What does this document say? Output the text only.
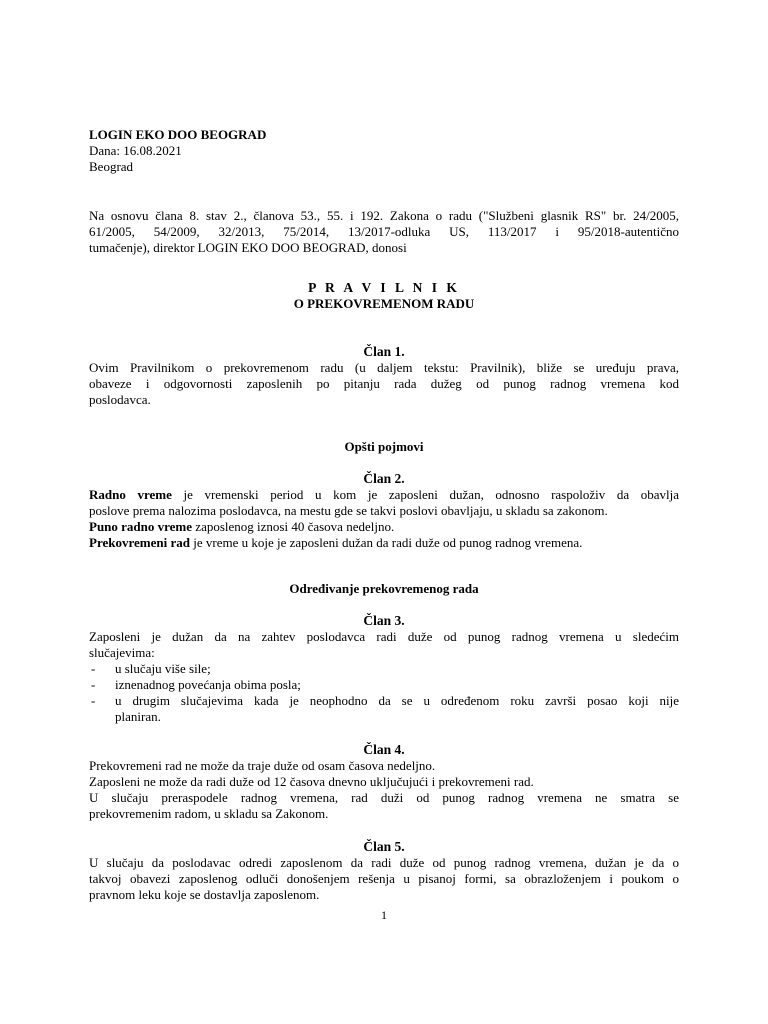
LOGIN EKO DOO BEOGRAD
Dana: 16.08.2021
Beograd
Na osnovu člana 8. stav 2., članova 53., 55. i 192. Zakona o radu ("Službeni glasnik RS" br. 24/2005,
61/2005, 54/2009, 32/2013, 75/2014, 13/2017-odluka US, 113/2017 i 95/2018-autentično
tumačenje), direktor LOGIN EKO DOO BEOGRAD, donosi
P R A V I L N I K
O PREKOVREMENOM RADU
Član 1.
Ovim Pravilnikom o prekovremenom radu (u daljem tekstu: Pravilnik), bliže se uređuju prava,
obaveze i odgovornosti zaposlenih po pitanju rada dužeg od punog radnog vremena kod
poslodavca.
Opšti pojmovi
Član 2.
Radno vreme je vremenski period u kom je zaposleni dužan, odnosno raspoloživ da obavlja
poslove prema nalozima poslodavca, na mestu gde se takvi poslovi obavljaju, u skladu sa zakonom.
Puno radno vreme zaposlenog iznosi 40 časova nedeljno.
Prekovremeni rad je vreme u koje je zaposleni dužan da radi duže od punog radnog vremena.
Određivanje prekovremenog rada
Član 3.
Zaposleni je dužan da na zahtev poslodavca radi duže od punog radnog vremena u sledećim
slučajevima:
- u slučaju više sile;
- iznenadnog povećanja obima posla;
- u drugim slučajevima kada je neophodno da se u određenom roku završi posao koji nije
planiran.
Član 4.
Prekovremeni rad ne može da traje duže od osam časova nedeljno.
Zaposleni ne može da radi duže od 12 časova dnevno uključujući i prekovremeni rad.
U slučaju preraspodele radnog vremena, rad duži od punog radnog vremena ne smatra se
prekovremenim radom, u skladu sa Zakonom.
Član 5.
U slučaju da poslodavac odredi zaposlenom da radi duže od punog radnog vremena, dužan je da o
takvoj obavezi zaposlenog odluči donošenjem rešenja u pisanoj formi, sa obrazloženjem i poukom o
pravnom leku koje se dostavlja zaposlenom.
1
